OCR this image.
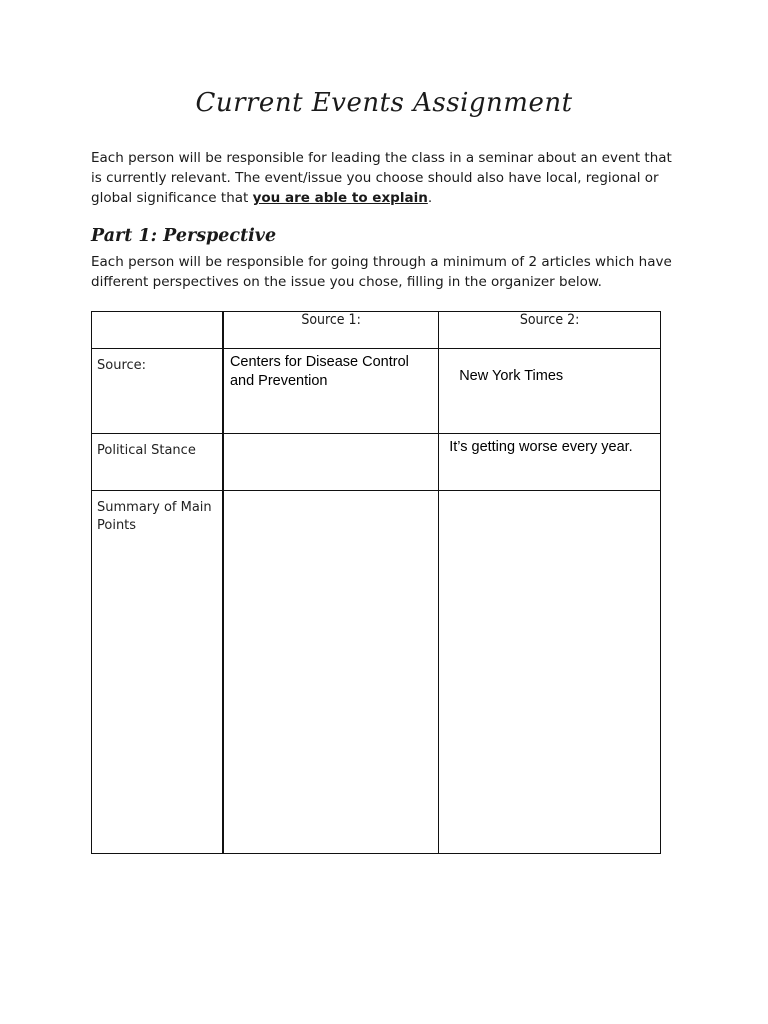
Current Events Assignment
Each person will be responsible for leading the class in a seminar about an event that is currently relevant. The event/issue you choose should also have local, regional or global significance that you are able to explain.
Part 1: Perspective
Each person will be responsible for going through a minimum of 2 articles which have different perspectives on the issue you chose, filling in the organizer below.
	Source 1:	Source 2:
Source:	Centers for Disease Control and Prevention	New York Times
Political Stance		It’s getting worse every year.
Summary of Main Points		
